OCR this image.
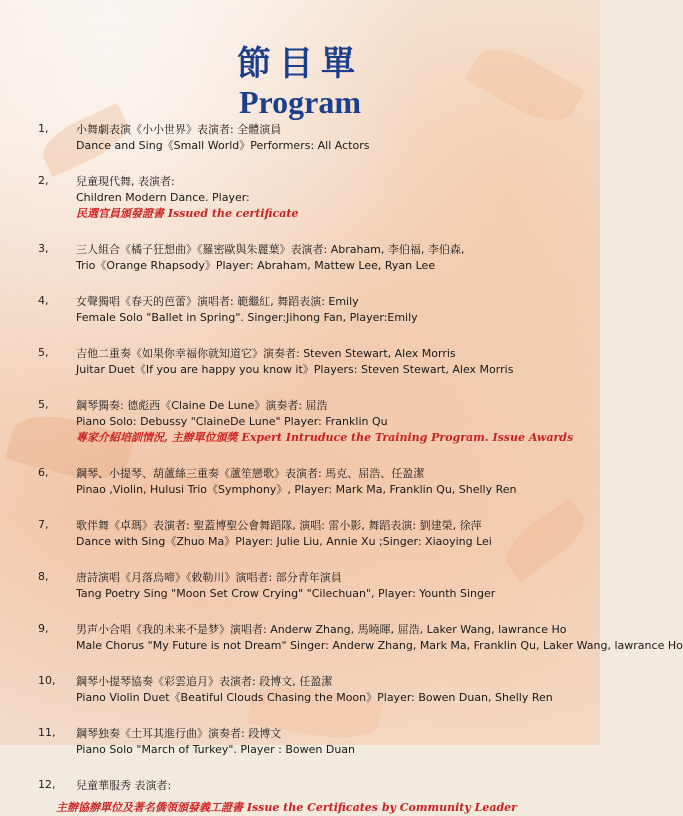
節目單
Program
1,	小舞劇表演《小小世界》表演者: 全體演員
Dance and Sing《Small World》Performers: All Actors
2,	兒童現代舞, 表演者:
Children Modern Dance. Player:
民選官員頒發證書 Issued the certificate
3,	三人組合《橘子狂想曲》《羅密歐與朱麗葉》表演者: Abraham, 李伯福, 李伯森,
Trio《Orange Rhapsody》Player: Abraham, Mattew Lee, Ryan Lee
4,	女聲獨唱《春天的芭蕾》演唱者: 範繼紅, 舞蹈表演: Emily
Female Solo "Ballet in Spring". Singer:Jihong Fan, Player:Emily
5,	吉他二重奏《如果你幸福你就知道它》演奏者: Steven Stewart, Alex Morris
Juitar Duet《If you are happy you know it》Players: Steven Stewart, Alex Morris
5,	鋼琴獨奏: 德彪西《Claine De Lune》演奏者: 屈浩
Piano Solo: Debussy "ClaineDe Lune" Player: Franklin Qu
專家介紹培訓情況, 主辦單位頒獎 Expert Intruduce the Training Program. Issue Awards
6,	鋼琴、小提琴、葫蘆絲三重奏《蘆笙戀歌》表演者: 馬克、屈浩、任盈潔
Pinao ,Violin, Hulusi Trio《Symphony》, Player: Mark Ma, Franklin Qu, Shelly Ren
7,	歌伴舞《卓瑪》表演者: 聖蓋博聖公會舞蹈隊, 演唱: 雷小影, 舞蹈表演: 劉建榮, 徐萍
Dance with Sing《Zhuo Ma》Player: Julie Liu, Annie Xu ;Singer: Xiaoying Lei
8,	唐詩演唱《月落烏啼》《敕勒川》演唱者: 部分青年演員
Tang Poetry Sing "Moon Set Crow Crying" "Cilechuan", Player: Younth Singer
9,	男声小合唱《我的未来不是梦》演唱者: Anderw Zhang, 馬曉暉, 屈浩, Laker Wang, lawrance Ho
Male Chorus "My Future is not Dream" Singer: Anderw Zhang, Mark Ma, Franklin Qu, Laker Wang, lawrance Ho
10,	鋼琴小提琴協奏《彩雲追月》表演者: 段博文, 任盈潔
Piano Violin Duet《Beatiful Clouds Chasing the Moon》Player: Bowen Duan, Shelly Ren
11,	鋼琴独奏《土耳其進行曲》演奏者: 段博文
Piano Solo "March of Turkey". Player : Bowen Duan
12,	兒童華服秀 表演者:
主辦協辦單位及著名僑領頒發義工證書 Issue the Certificates by Community Leader
